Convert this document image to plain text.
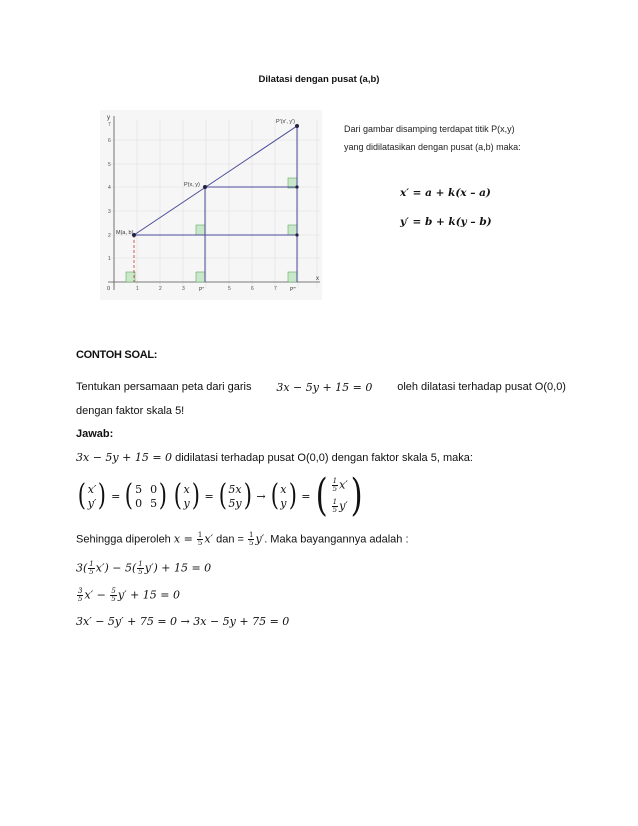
Dilatasi dengan pusat (a,b)
P′(x′, y′)
P(x, y)
M(a, b)
x
y
0	P′′	P′′′
1	2	3	5	6	7
1
2
3
4
5
6
7	Dari gambar disamping terdapat titik P(x,y)
yang didilatasikan dengan pusat (a,b) maka:
x′ = a + k(x – a)
y′ = b + k(y – b)
CONTOH SOAL:
Tentukan persamaan peta dari garis 3x − 5y + 15 = 0 oleh dilatasi terhadap pusat O(0,0)
dengan faktor skala 5!
Jawab:
3x − 5y + 15 = 0 didilatasi terhadap pusat O(0,0) dengan faktor skala 5, maka:
( x′
y′ ) = ( 5 0
0 5 ) ( x
y ) = ( 5x
5y ) → ( x
y ) = ( $\frac{1}{5} x'$
$\frac{1}{5} y'$ )
Sehingga diperoleh $x = \frac{1}{5} x'$ dan = $\frac{1}{5} y'$. Maka bayangannya adalah :
$3( \frac{1}{5} x') - 5( \frac{1}{5} y') + 15 = 0$
$\frac{3}{5} x' - \frac{5}{5} y' + 15 = 0$
3x′ − 5y′ + 75 = 0 → 3x − 5y + 75 = 0
